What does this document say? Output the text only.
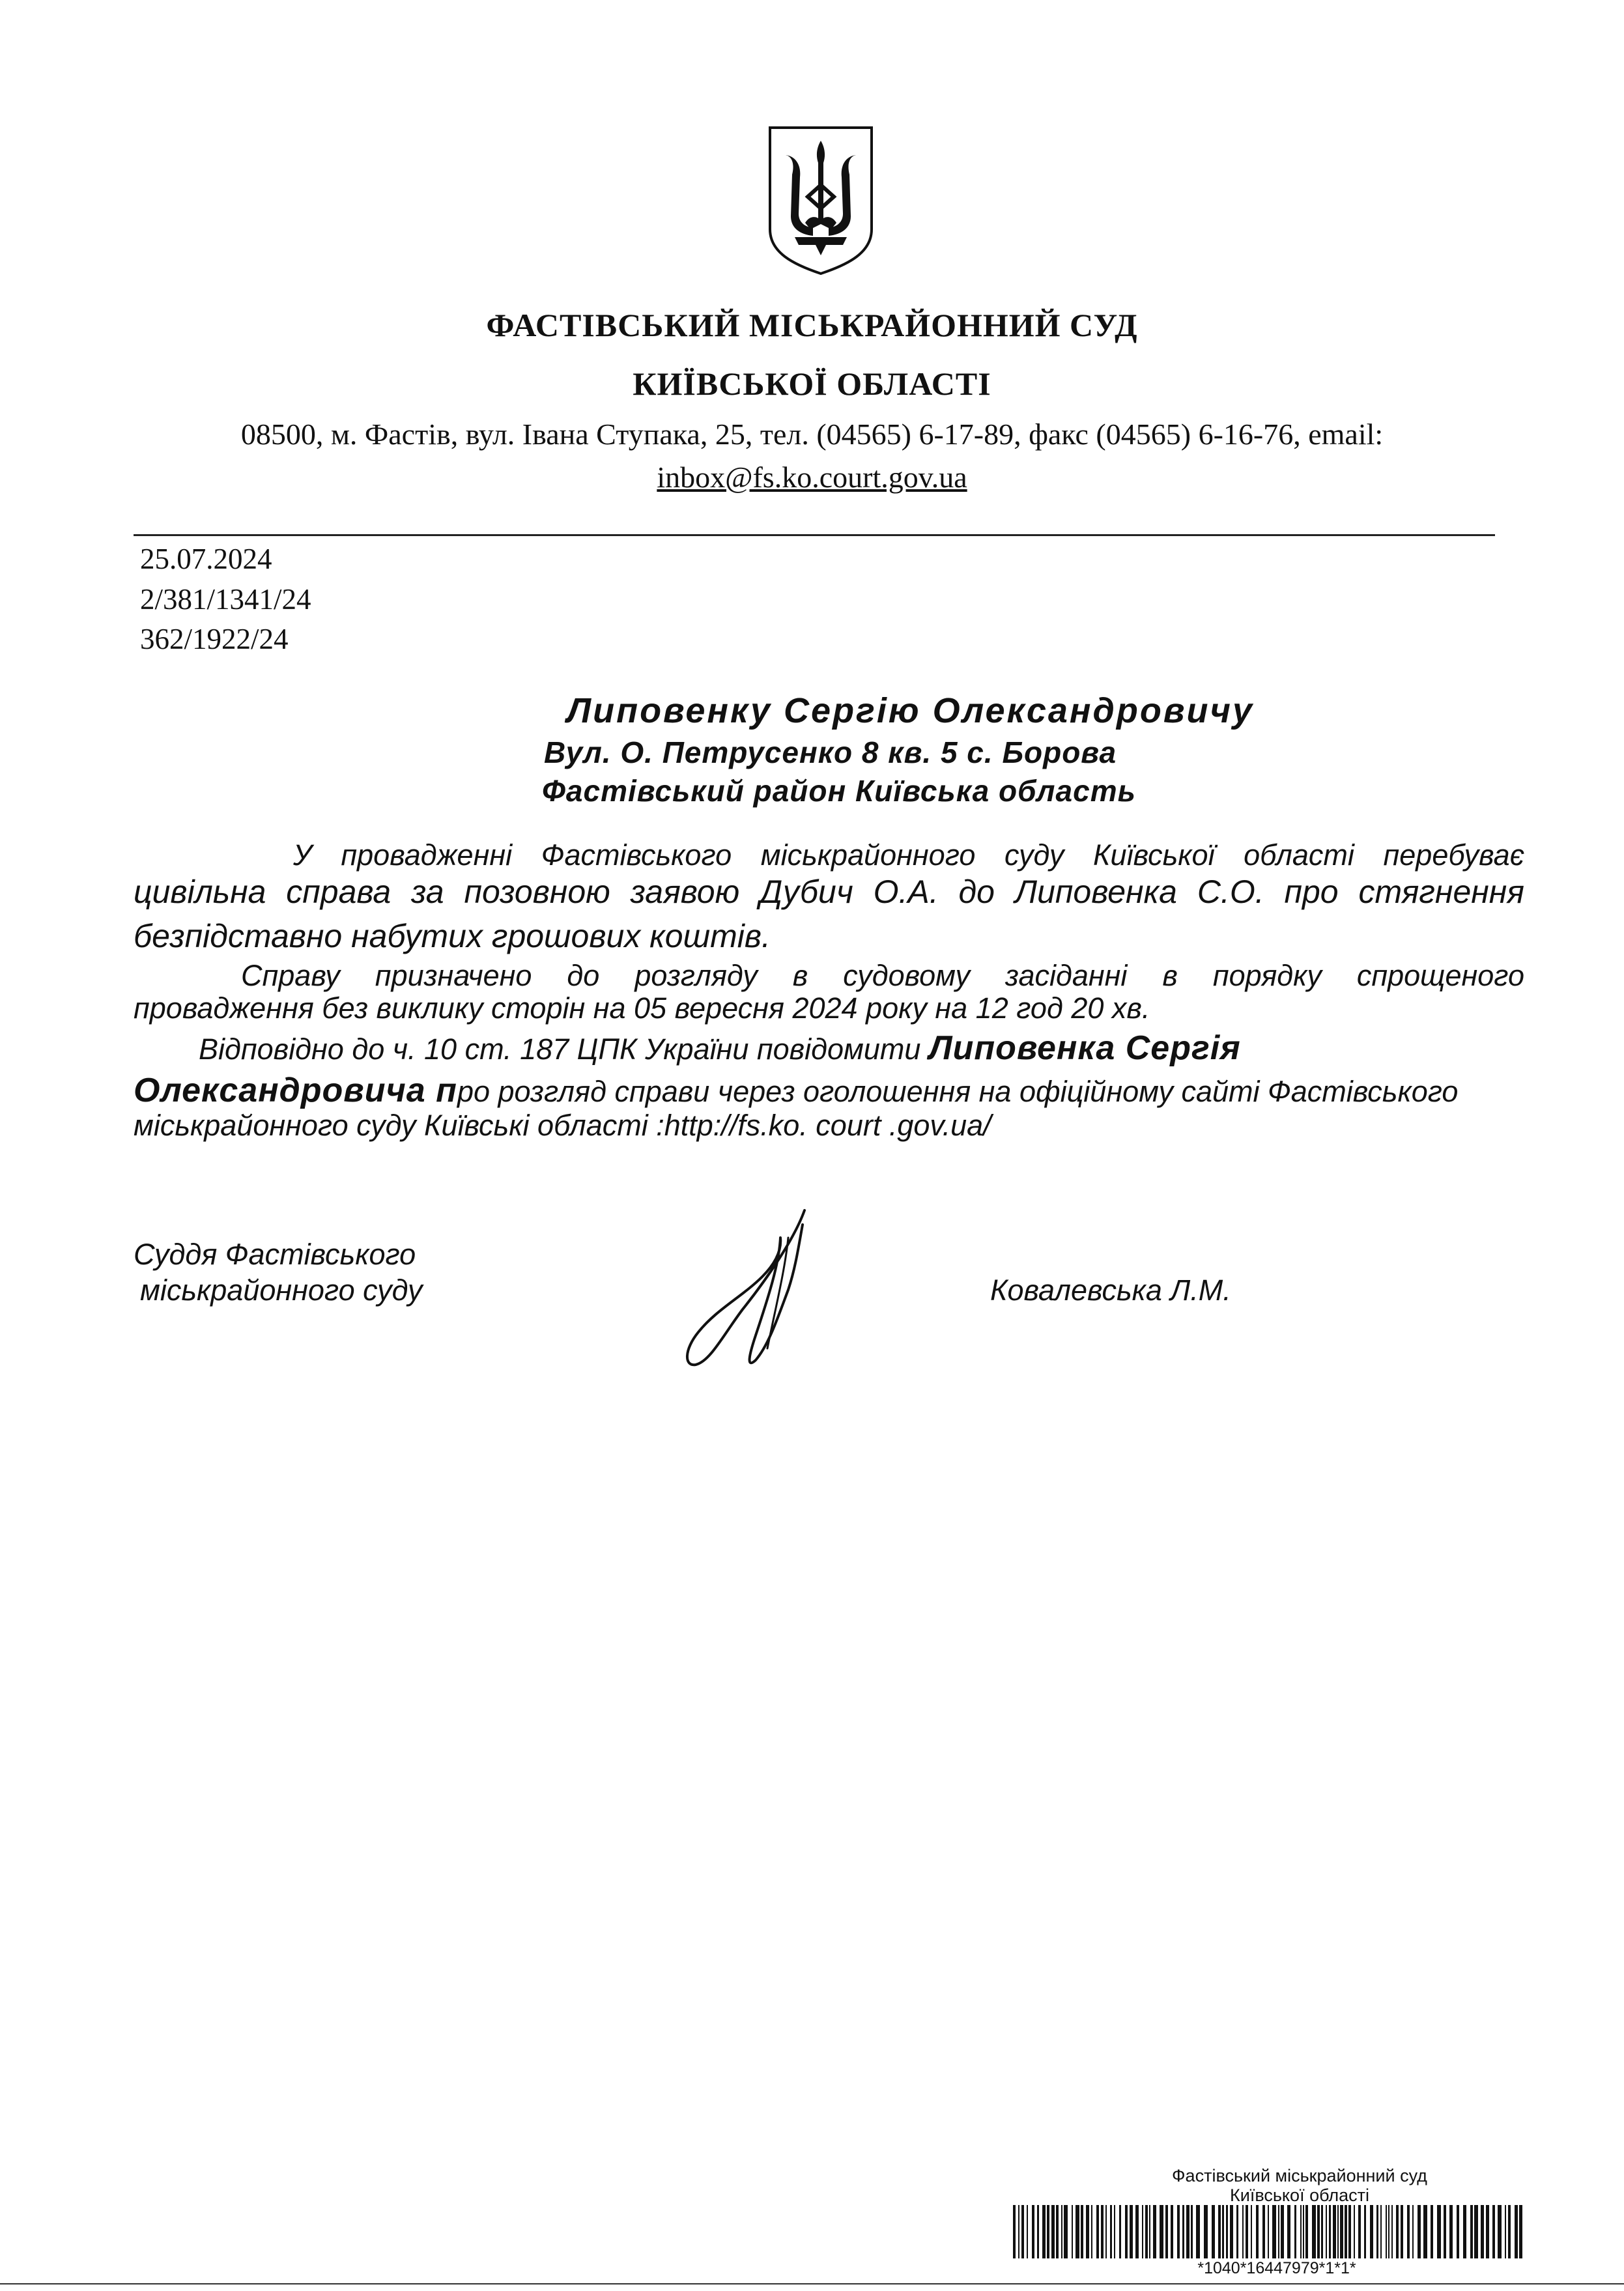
ФАСТІВСЬКИЙ МІСЬКРАЙОННИЙ СУД
КИЇВСЬКОЇ ОБЛАСТІ
08500, м. Фастів, вул. Івана Ступака, 25, тел. (04565) 6-17-89, факс (04565) 6-16-76, email:
inbox@fs.ko.court.gov.ua
25.07.2024
2/381/1341/24
362/1922/24
Липовенку Сергію Олександровичу
Вул. О. Петрусенко 8 кв. 5 с. Борова
Фастівський район Київська область
У провадженні Фастівського міськрайонного суду Київської області перебуває
цивільна справа за позовною заявою Дубич О.А. до Липовенка С.О. про стягнення
безпідставно набутих грошових коштів.
Справу призначено до розгляду в судовому засіданні в порядку спрощеного
провадження без виклику сторін на 05 вересня 2024 року на 12 год 20 хв.
Відповідно до ч. 10 ст. 187 ЦПК України повідомити Липовенка Сергія
Олександровича про розгляд справи через оголошення на офіційному сайті Фастівського
міськрайонного суду Київські області :http://fs.ko. court .gov.ua/
Суддя Фастівського
міськрайонного суду	Ковалевська Л.М.
Фастівський міськрайонний суд
Київської області
*1040*16447979*1*1*
